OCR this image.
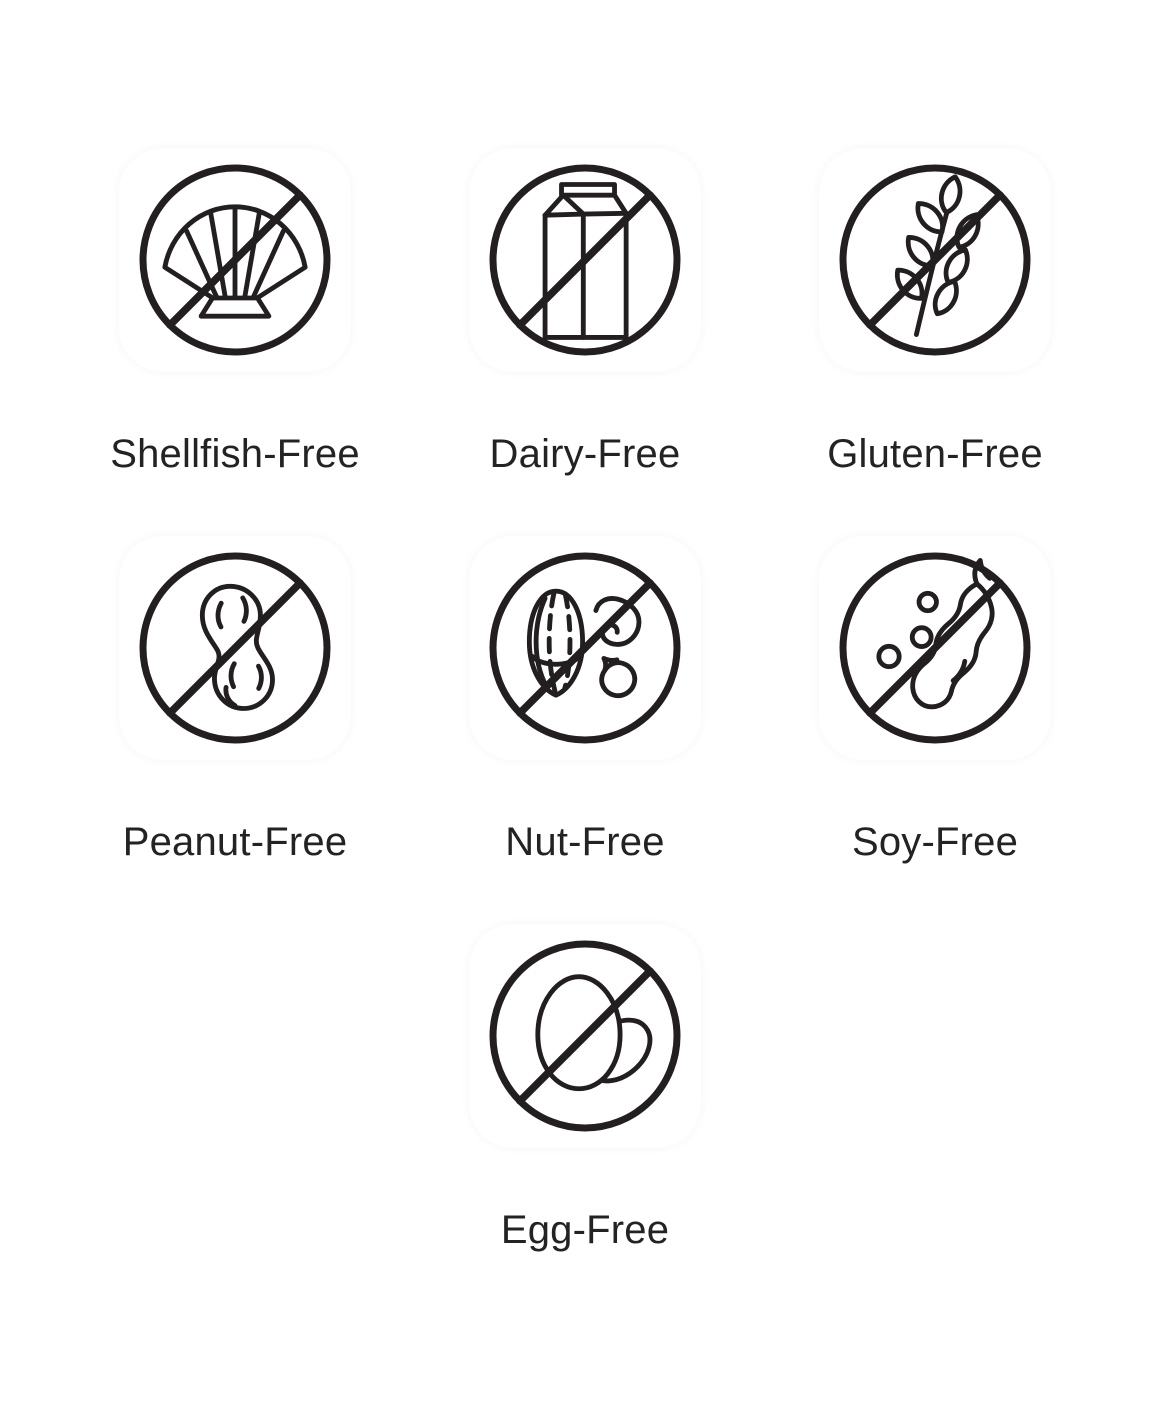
Shellfish-Free	Dairy-Free	Gluten-Free
Peanut-Free	Nut-Free	Soy-Free
Egg-Free
